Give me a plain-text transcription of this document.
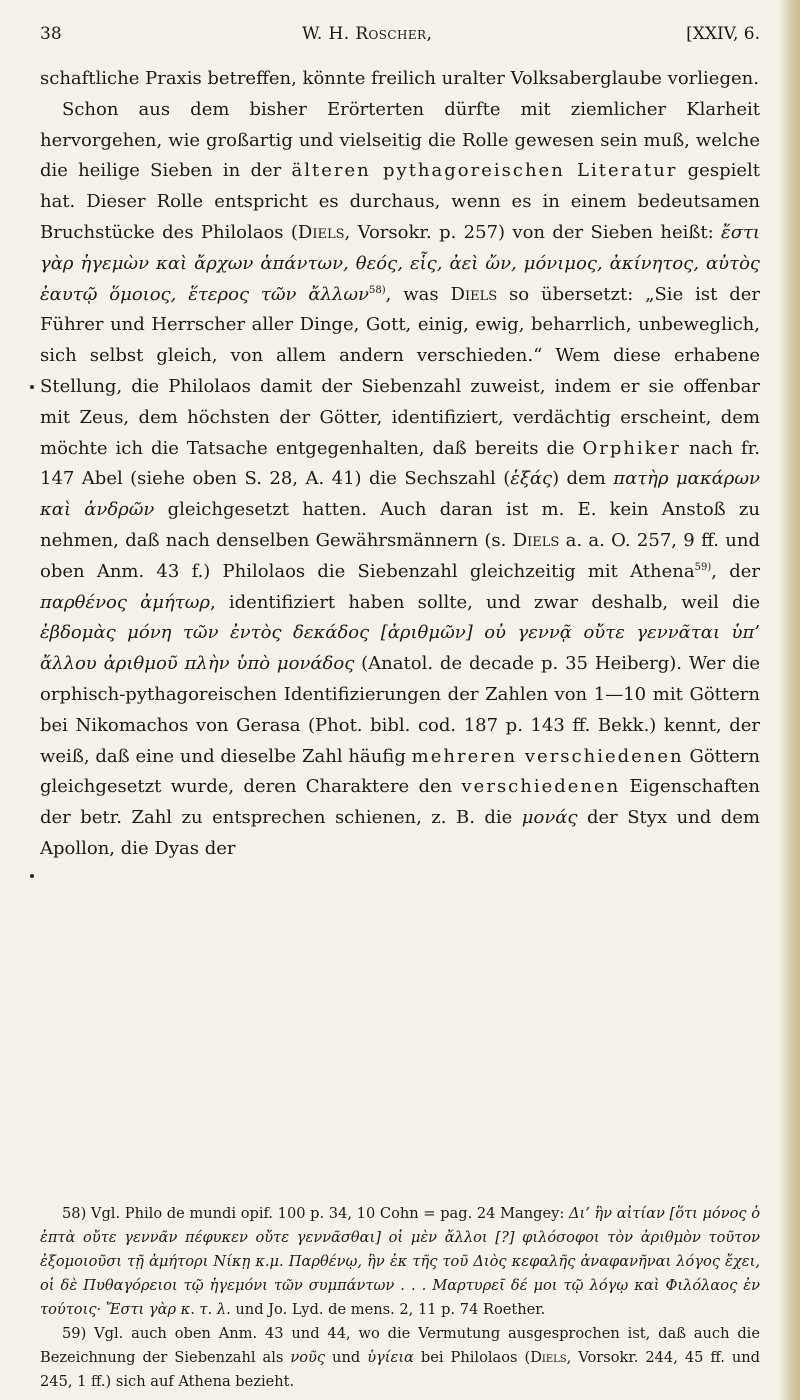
38	W. H. Roscher,	[XXIV, 6.

schaftliche Praxis betreffen, könnte freilich uralter Volksaberglaube vorliegen.

Schon aus dem bisher Erörterten dürfte mit ziemlicher Klarheit hervorgehen, wie großartig und vielseitig die Rolle gewesen sein muß, welche die heilige Sieben in der älteren pythagoreischen Literatur gespielt hat. Dieser Rolle entspricht es durchaus, wenn es in einem bedeutsamen Bruchstücke des Philolaos (Diels, Vorsokr. p. 257) von der Sieben heißt: ἔστι γὰρ ἡγεμὼν καὶ ἄρχων ἁπάντων, θεός, εἷς, ἀεὶ ὤν, μόνιμος, ἀκίνητος, αὐτὸς ἑαυτῷ ὅμοιος, ἕτερος τῶν ἄλλων$^{58)}$, was Diels so übersetzt: „Sie ist der Führer und Herrscher aller Dinge, Gott, einig, ewig, beharrlich, unbeweglich, sich selbst gleich, von allem andern verschieden.“ Wem diese erhabene Stellung, die Philolaos damit der Siebenzahl zuweist, indem er sie offenbar mit Zeus, dem höchsten der Götter, identifiziert, verdächtig erscheint, dem möchte ich die Tatsache entgegenhalten, daß bereits die Orphiker nach fr. 147 Abel (siehe oben S. 28, A. 41) die Sechszahl (ἑξάς) dem πατὴρ μακάρων καὶ ἀνδρῶν gleichgesetzt hatten. Auch daran ist m. E. kein Anstoß zu nehmen, daß nach denselben Gewährsmännern (s. Diels a. a. O. 257, 9 ff. und oben Anm. 43 f.) Philolaos die Siebenzahl gleichzeitig mit Athena$^{59)}$, der παρθένος ἀμήτωρ, identifiziert haben sollte, und zwar deshalb, weil die ἑβδομὰς μόνη τῶν ἐντὸς δεκάδος [ἀριθμῶν] οὐ γεννᾷ οὔτε γεννᾶται ὑπ’ ἄλλου ἀριθμοῦ πλὴν ὑπὸ μονάδος (Anatol. de decade p. 35 Heiberg). Wer die orphisch-pythagoreischen Identifizierungen der Zahlen von 1—10 mit Göttern bei Nikomachos von Gerasa (Phot. bibl. cod. 187 p. 143 ff. Bekk.) kennt, der weiß, daß eine und dieselbe Zahl häufig mehreren verschiedenen Göttern gleichgesetzt wurde, deren Charaktere den verschiedenen Eigenschaften der betr. Zahl zu entsprechen schienen, z. B. die μονάς der Styx und dem Apollon, die Dyas der

58) Vgl. Philo de mundi opif. 100 p. 34, 10 Cohn = pag. 24 Mangey: Δι’ ἣν αἰτίαν [ὅτι μόνος ὁ ἑπτὰ οὔτε γεννᾶν πέφυκεν οὔτε γεννᾶσθαι] οἱ μὲν ἄλλοι [?] φιλόσοφοι τὸν ἀριθμὸν τοῦτον ἐξομοιοῦσι τῇ ἀμήτορι Νίκῃ κ.μ. Παρθένῳ, ἣν ἐκ τῆς τοῦ Διὸς κεφαλῆς ἀναφανῆναι λόγος ἔχει, οἱ δὲ Πυθαγόρειοι τῷ ἡγεμόνι τῶν συμπάντων . . . Μαρτυρεῖ δέ μοι τῷ λόγῳ καὶ Φιλόλαος ἐν τούτοις· Ἔστι γὰρ κ. τ. λ. und Jo. Lyd. de mens. 2, 11 p. 74 Roether.

59) Vgl. auch oben Anm. 43 und 44, wo die Vermutung ausgesprochen ist, daß auch die Bezeichnung der Siebenzahl als νοῦς und ὑγίεια bei Philolaos (Diels, Vorsokr. 244, 45 ff. und 245, 1 ff.) sich auf Athena bezieht.
